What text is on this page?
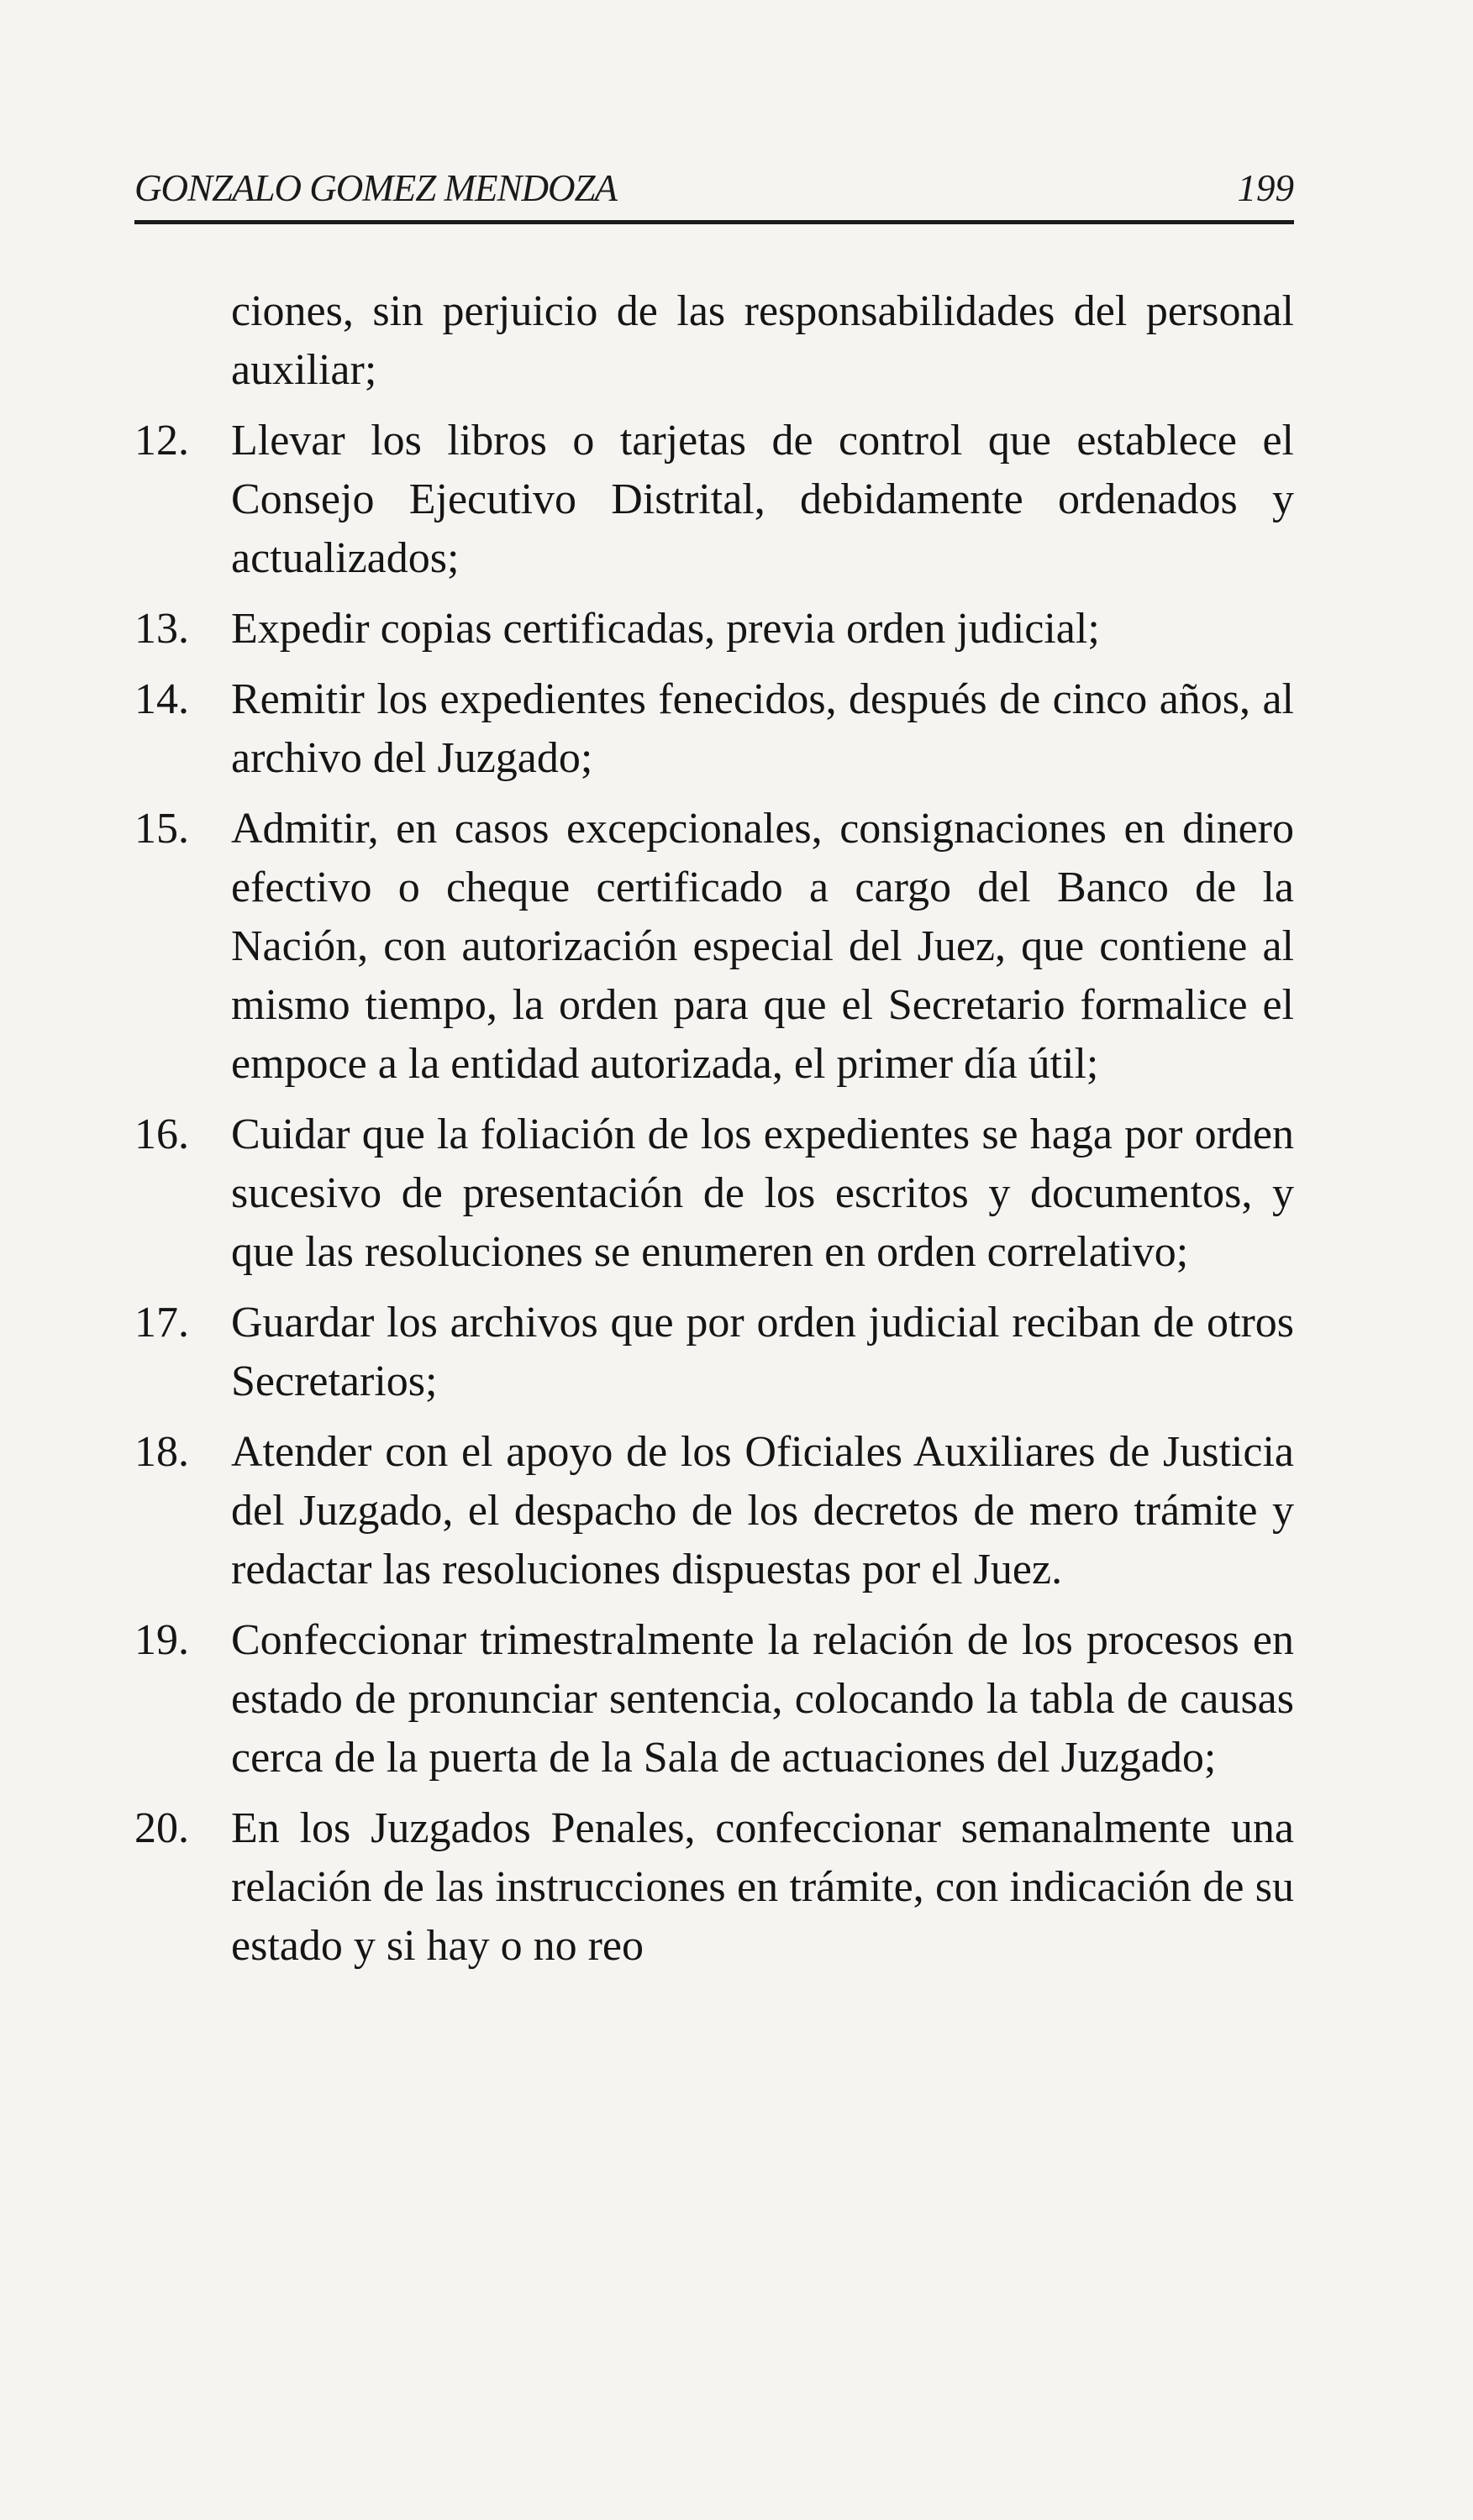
GONZALO GOMEZ MENDOZA	199
ciones, sin perjuicio de las responsabilidades del personal auxiliar;
12. Llevar los libros o tarjetas de control que establece el Consejo Ejecutivo Distrital, debidamente ordenados y actualizados;
13. Expedir copias certificadas, previa orden judicial;
14. Remitir los expedientes fenecidos, después de cinco años, al archivo del Juzgado;
15. Admitir, en casos excepcionales, consignaciones en dinero efectivo o cheque certificado a cargo del Banco de la Nación, con autorización especial del Juez, que contiene al mismo tiempo, la orden para que el Secretario formalice el empoce a la entidad autorizada, el primer día útil;
16. Cuidar que la foliación de los expedientes se haga por orden sucesivo de presentación de los escritos y documentos, y que las resoluciones se enumeren en orden correlativo;
17. Guardar los archivos que por orden judicial reciban de otros Secretarios;
18. Atender con el apoyo de los Oficiales Auxiliares de Justicia del Juzgado, el despacho de los decretos de mero trámite y redactar las resoluciones dispuestas por el Juez.
19. Confeccionar trimestralmente la relación de los procesos en estado de pronunciar sentencia, colocando la tabla de causas cerca de la puerta de la Sala de actuaciones del Juzgado;
20. En los Juzgados Penales, confeccionar semanalmente una relación de las instrucciones en trámite, con indicación de su estado y si hay o no reo
